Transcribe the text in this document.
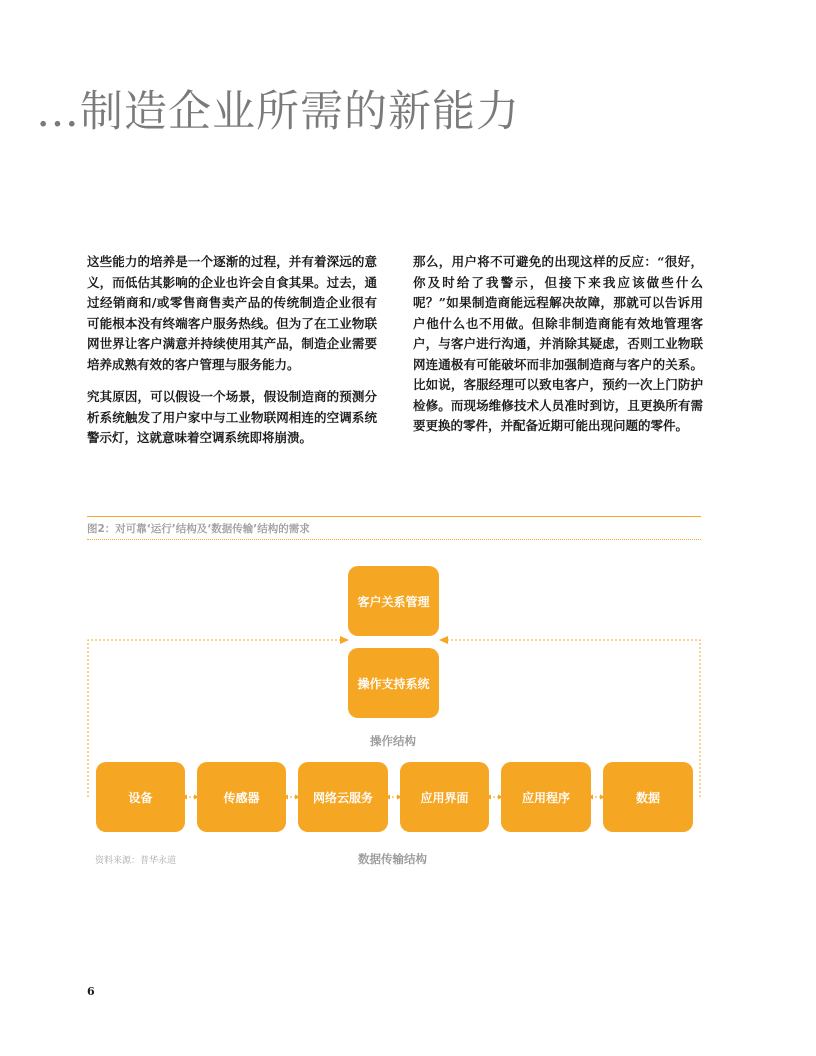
…制造企业所需的新能力

这些能力的培养是一个逐渐的过程，并有着深远的意义，而低估其影响的企业也许会自食其果。过去，通过经销商和/或零售商售卖产品的传统制造企业很有可能根本没有终端客户服务热线。但为了在工业物联网世界让客户满意并持续使用其产品，制造企业需要培养成熟有效的客户管理与服务能力。

究其原因，可以假设一个场景，假设制造商的预测分析系统触发了用户家中与工业物联网相连的空调系统警示灯，这就意味着空调系统即将崩溃。

那么，用户将不可避免的出现这样的反应：“很好，你及时给了我警示，但接下来我应该做些什么呢？”如果制造商能远程解决故障，那就可以告诉用户他什么也不用做。但除非制造商能有效地管理客户，与客户进行沟通，并消除其疑虑，否则工业物联网连通极有可能破坏而非加强制造商与客户的关系。比如说，客服经理可以致电客户，预约一次上门防护检修。而现场维修技术人员准时到访，且更换所有需要更换的零件，并配备近期可能出现问题的零件。

图2：对可靠‘运行’结构及‘数据传输’结构的需求
客户关系管理
操作支持系统
操作结构
设备	传感器	网络云服务	应用界面	应用程序	数据
数据传输结构
资料来源：普华永道
6
